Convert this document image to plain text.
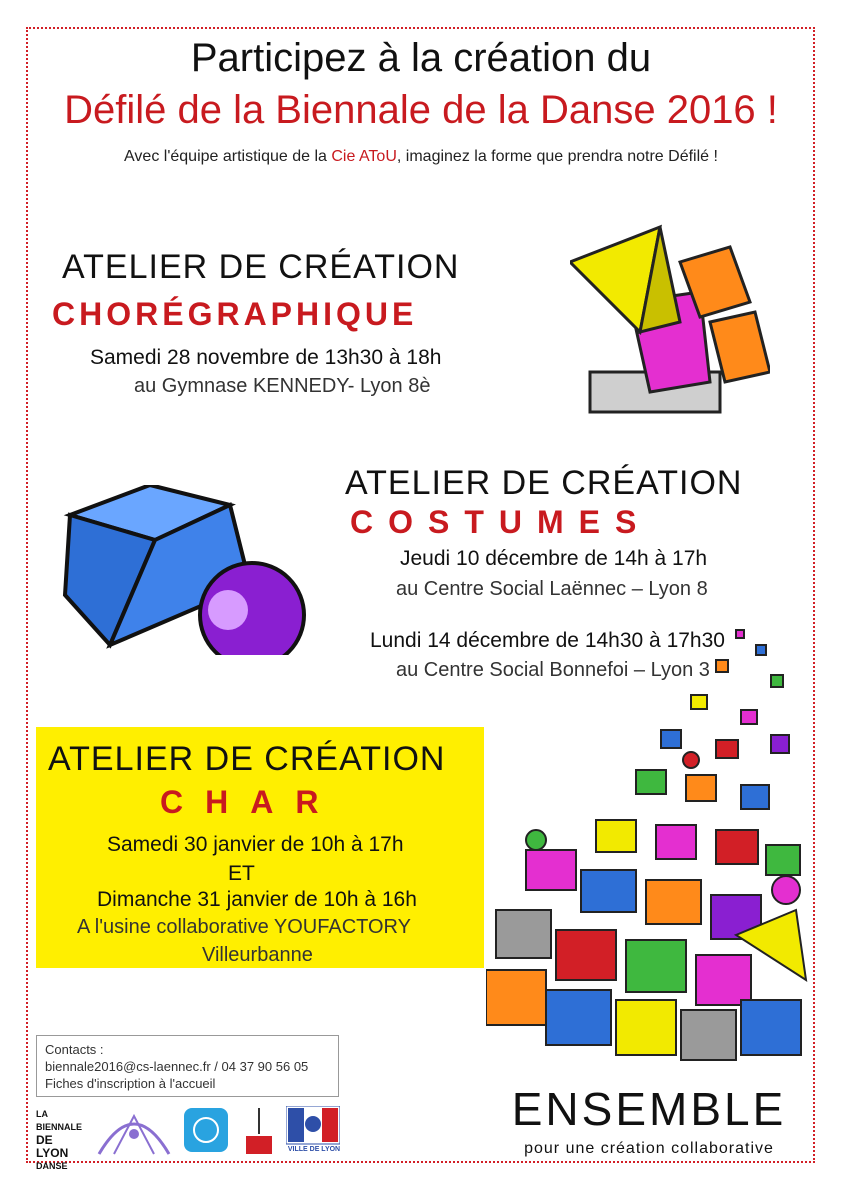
Participez à la création du
Défilé de la Biennale de la Danse 2016 !
Avec l'équipe artistique de la Cie AToU, imaginez la forme que prendra notre Défilé !
ATELIER DE CRÉATION
CHORÉGRAPHIQUE
Samedi 28 novembre de 13h30 à 18h
au Gymnase KENNEDY- Lyon 8è
ATELIER DE CRÉATION
COSTUMES
Jeudi 10 décembre de 14h à 17h
au Centre Social Laënnec – Lyon 8
Lundi 14 décembre de 14h30 à 17h30
au Centre Social Bonnefoi – Lyon 3
ATELIER DE CRÉATION
CHAR
Samedi 30 janvier de 10h à 17h
ET
Dimanche 31 janvier de 10h à 16h
A l'usine collaborative YOUFACTORY
Villeurbanne
Contacts :
biennale2016@cs-laennec.fr / 04 37 90 56 05
Fiches d'inscription à l'accueil
LA BIENNALE
DE LYON
DANSE
VILLE DE LYON
ENSEMBLE
pour une création collaborative
